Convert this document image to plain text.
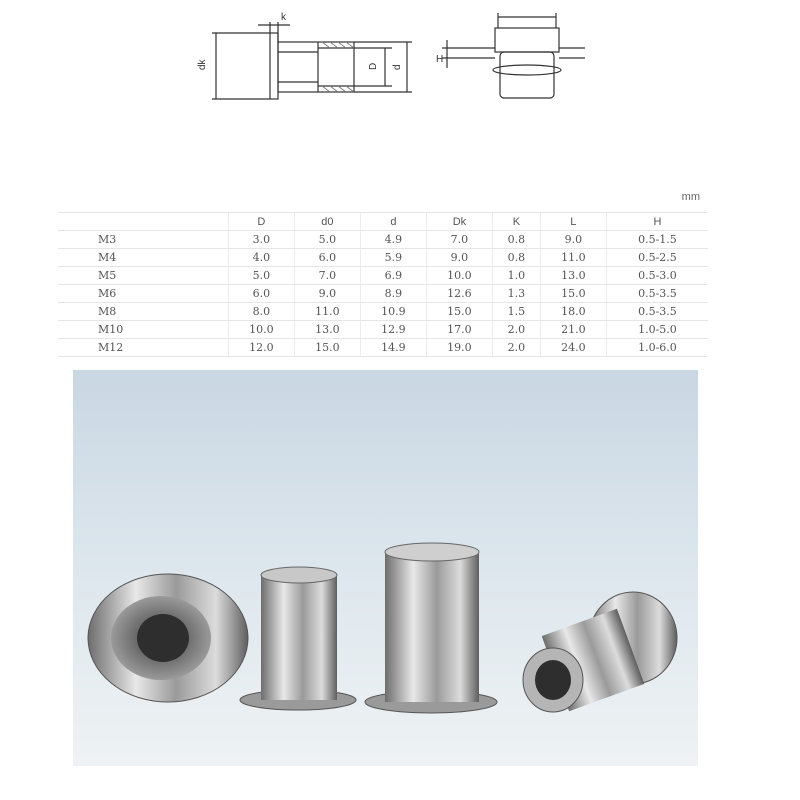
dk
k
D d
H
mm
	D	d0	d	Dk	K	L	H
M3	3.0	5.0	4.9	7.0	0.8	9.0	0.5-1.5
M4	4.0	6.0	5.9	9.0	0.8	11.0	0.5-2.5
M5	5.0	7.0	6.9	10.0	1.0	13.0	0.5-3.0
M6	6.0	9.0	8.9	12.6	1.3	15.0	0.5-3.5
M8	8.0	11.0	10.9	15.0	1.5	18.0	0.5-3.5
M10	10.0	13.0	12.9	17.0	2.0	21.0	1.0-5.0
M12	12.0	15.0	14.9	19.0	2.0	24.0	1.0-6.0
